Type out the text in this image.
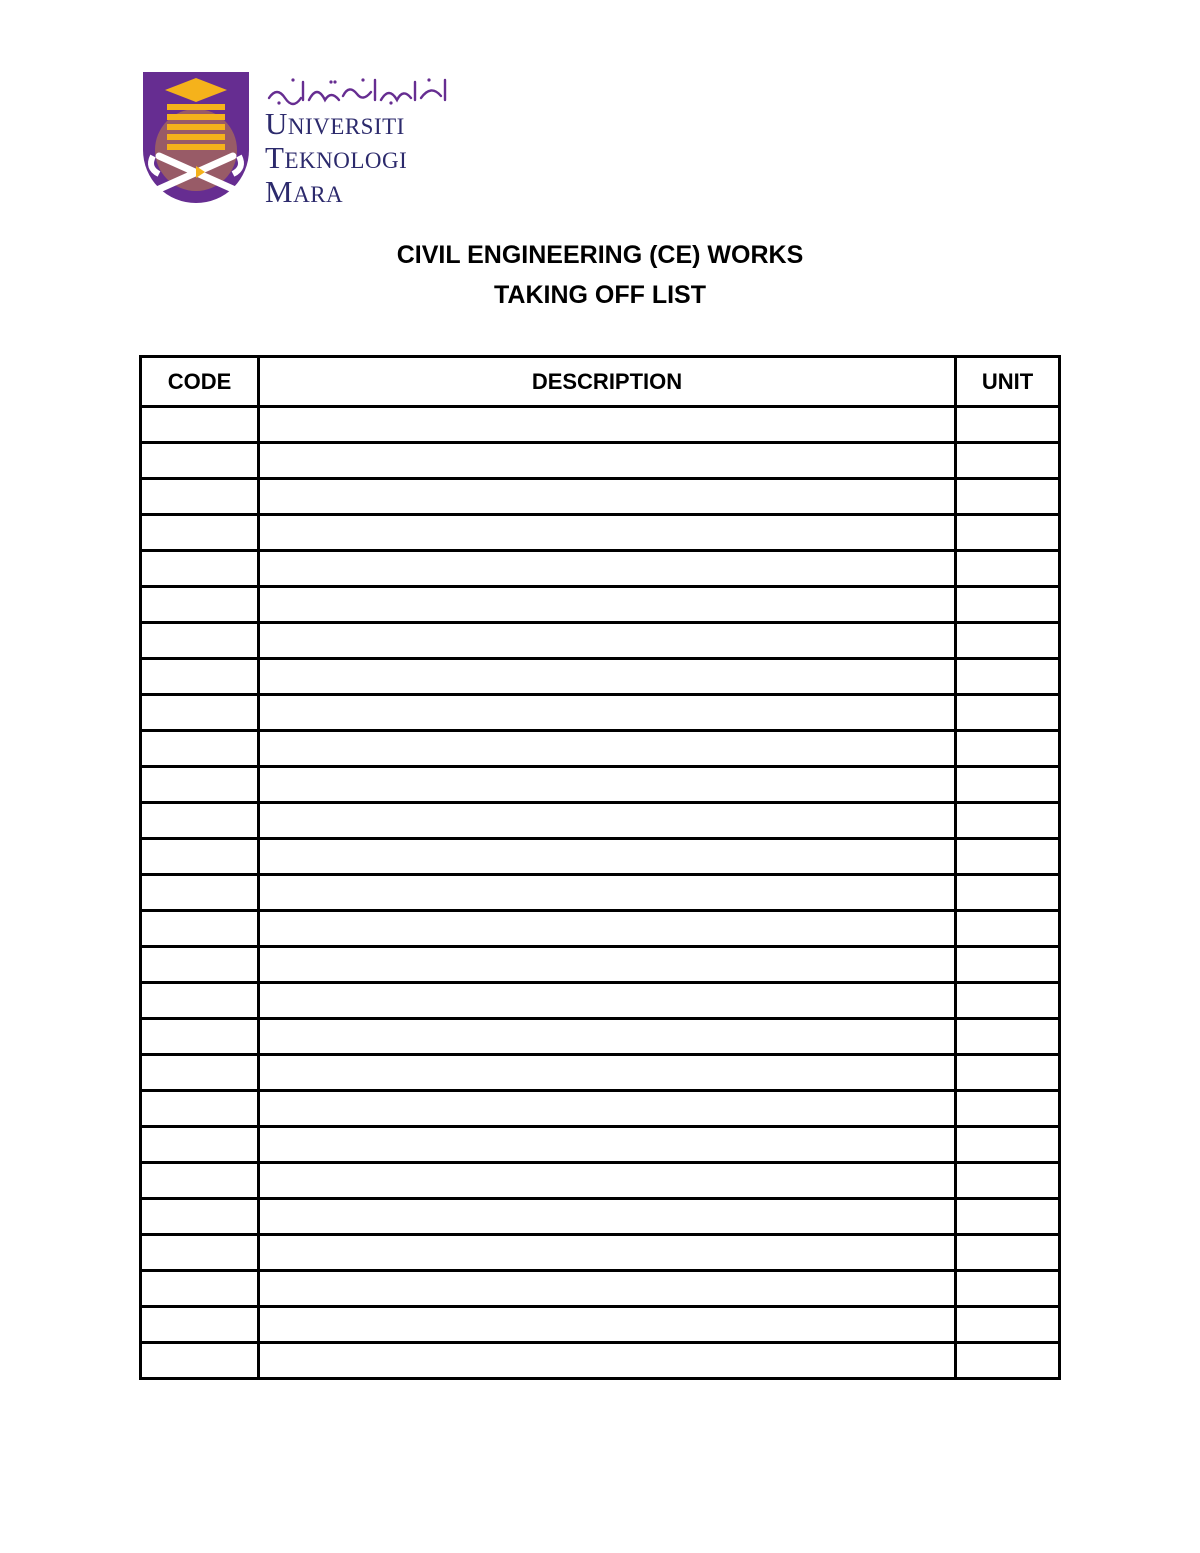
UNIVERSITI
TEKNOLOGI
MARA
CIVIL ENGINEERING (CE) WORKS
TAKING OFF LIST
CODE	DESCRIPTION	UNIT
